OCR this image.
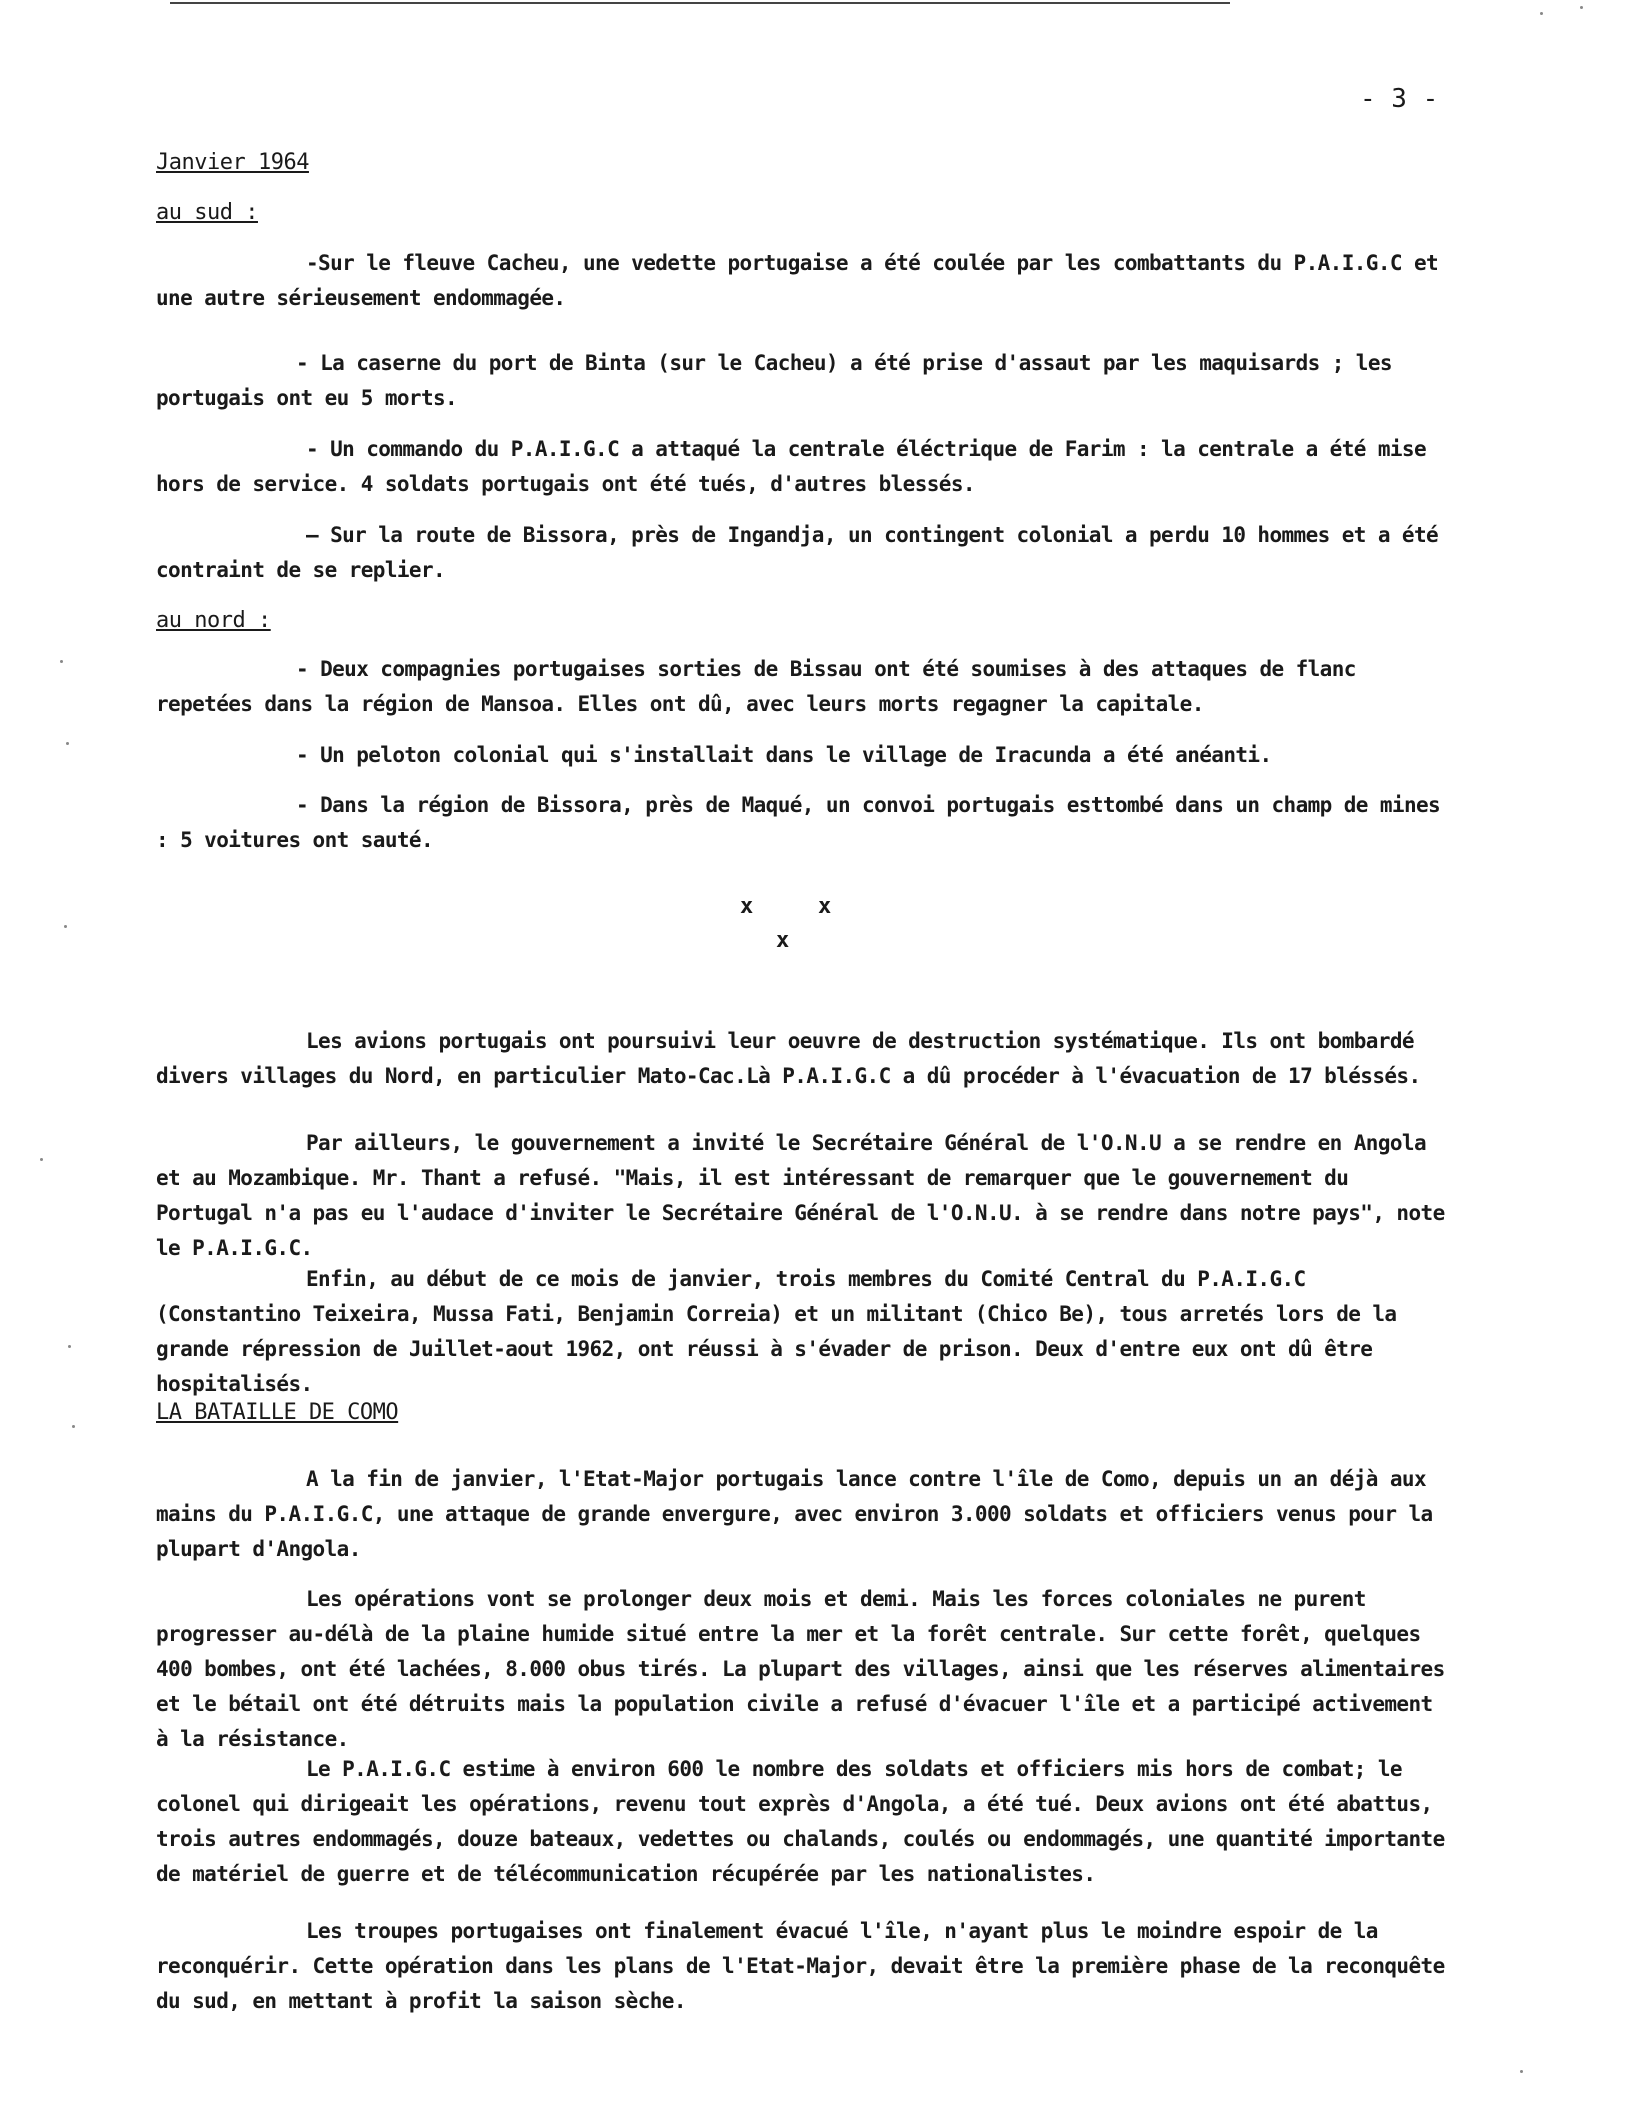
- 3 -
Janvier 1964
au sud :

-Sur le fleuve Cacheu, une vedette portugaise a été coulée par les combattants du P.A.I.G.C et une autre sérieusement endommagée.

- La caserne du port de Binta (sur le Cacheu) a été prise d'assaut par les maquisards ; les portugais ont eu 5 morts.

- Un commando du P.A.I.G.C a attaqué la centrale éléctrique de Farim : la centrale a été mise hors de service. 4 soldats portugais ont été tués, d'autres blessés.

— Sur la route de Bissora, près de Ingandja, un contingent colonial a perdu 10 hommes et a été contraint de se replier.

au nord :

- Deux compagnies portugaises sorties de Bissau ont été soumises à des attaques de flanc repetées dans la région de Mansoa. Elles ont dû, avec leurs morts regagner la capitale.

- Un peloton colonial qui s'installait dans le village de Iracunda a été anéanti.

- Dans la région de Bissora, près de Maqué, un convoi portugais esttombé dans un champ de mines : 5 voitures ont sauté.

x	x
x

Les avions portugais ont poursuivi leur oeuvre de destruction systématique. Ils ont bombardé divers villages du Nord, en particulier Mato-Cac.Là P.A.I.G.C a dû procéder à l'évacuation de 17 bléssés.

Par ailleurs, le gouvernement a invité le Secrétaire Général de l'O.N.U a se rendre en Angola et au Mozambique. Mr. Thant a refusé. "Mais, il est intéressant de remarquer que le gouvernement du Portugal n'a pas eu l'audace d'inviter le Secrétaire Général de l'O.N.U. à se rendre dans notre pays", note le P.A.I.G.C.

Enfin, au début de ce mois de janvier, trois membres du Comité Central du P.A.I.G.C (Constantino Teixeira, Mussa Fati, Benjamin Correia) et un militant (Chico Be), tous arretés lors de la grande répression de Juillet-aout 1962, ont réussi à s'évader de prison. Deux d'entre eux ont dû être hospitalisés.

LA BATAILLE DE COMO

A la fin de janvier, l'Etat-Major portugais lance contre l'île de Como, depuis un an déjà aux mains du P.A.I.G.C, une attaque de grande envergure, avec environ 3.000 soldats et officiers venus pour la plupart d'Angola.

Les opérations vont se prolonger deux mois et demi. Mais les forces coloniales ne purent progresser au-délà de la plaine humide situé entre la mer et la forêt centrale. Sur cette forêt, quelques 400 bombes, ont été lachées, 8.000 obus tirés. La plupart des villages, ainsi que les réserves alimentaires et le bétail ont été détruits mais la population civile a refusé d'évacuer l'île et a participé activement à la résistance.

Le P.A.I.G.C estime à environ 600 le nombre des soldats et officiers mis hors de combat; le colonel qui dirigeait les opérations, revenu tout exprès d'Angola, a été tué. Deux avions ont été abattus, trois autres endommagés, douze bateaux, vedettes ou chalands, coulés ou endommagés, une quantité importante de matériel de guerre et de télécommunication récupérée par les nationalistes.

Les troupes portugaises ont finalement évacué l'île, n'ayant plus le moindre espoir de la reconquérir. Cette opération dans les plans de l'Etat-Major, devait être la première phase de la reconquête du sud, en mettant à profit la saison sèche.
